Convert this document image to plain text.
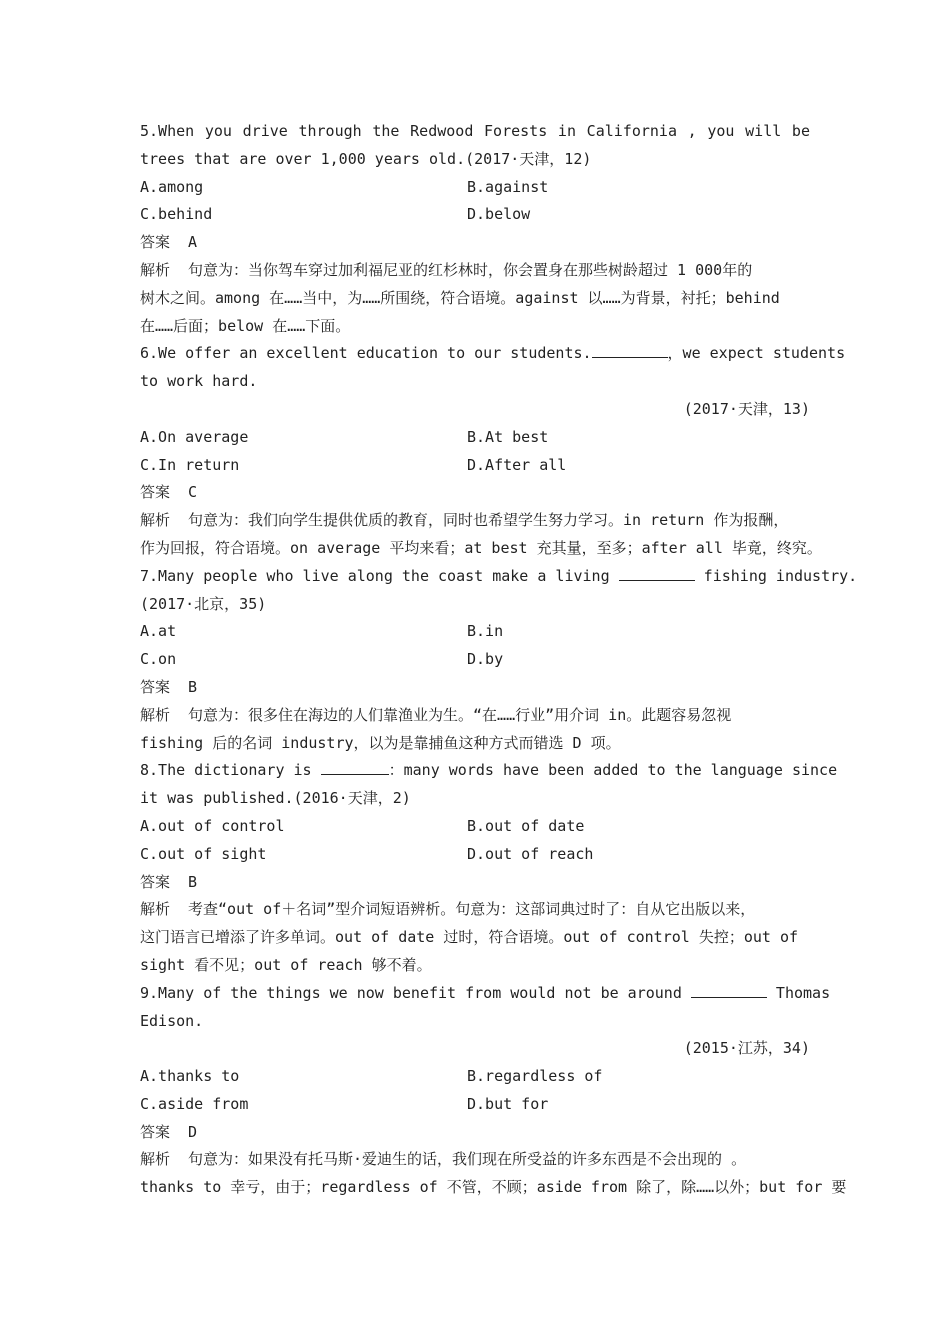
5.When you drive through the Redwood Forests in California , you will be
trees that are over 1,000 years old.(2017·天津，12)
A.among	B.against
C.behind	D.below
答案 A
解析 句意为：当你驾车穿过加利福尼亚的红杉林时，你会置身在那些树龄超过 1 000年的
树木之间。among 在……当中，为……所围绕，符合语境。against 以……为背景，衬托；behind
在……后面；below 在……下面。
6.We offer an excellent education to our students.	，we expect students
to work hard.
(2017·天津，13)
A.On average	B.At best
C.In return	D.After all
答案 C
解析 句意为：我们向学生提供优质的教育，同时也希望学生努力学习。in return 作为报酬，
作为回报，符合语境。on average 平均来看；at best 充其量，至多；after all 毕竟，终究。
7.Many people who live along the coast make a living	fishing industry.
(2017·北京，35)
A.at	B.in
C.on	D.by
答案 B
解析 句意为：很多住在海边的人们靠渔业为生。“在……行业”用介词 in。此题容易忽视
fishing 后的名词 industry，以为是靠捕鱼这种方式而错选 D 项。
8.The dictionary is	：many words have been added to the language since
it was published.(2016·天津，2)
A.out of control	B.out of date
C.out of sight	D.out of reach
答案 B
解析 考查“out of＋名词”型介词短语辨析。句意为：这部词典过时了：自从它出版以来，
这门语言已增添了许多单词。out of date 过时，符合语境。out of control 失控；out of
sight 看不见；out of reach 够不着。
9.Many of the things we now benefit from would not be around	Thomas
Edison.
(2015·江苏，34)
A.thanks to	B.regardless of
C.aside from	D.but for
答案 D
解析 句意为：如果没有托马斯·爱迪生的话，我们现在所受益的许多东西是不会出现的 。
thanks to 幸亏，由于；regardless of 不管，不顾；aside from 除了，除……以外；but for 要
